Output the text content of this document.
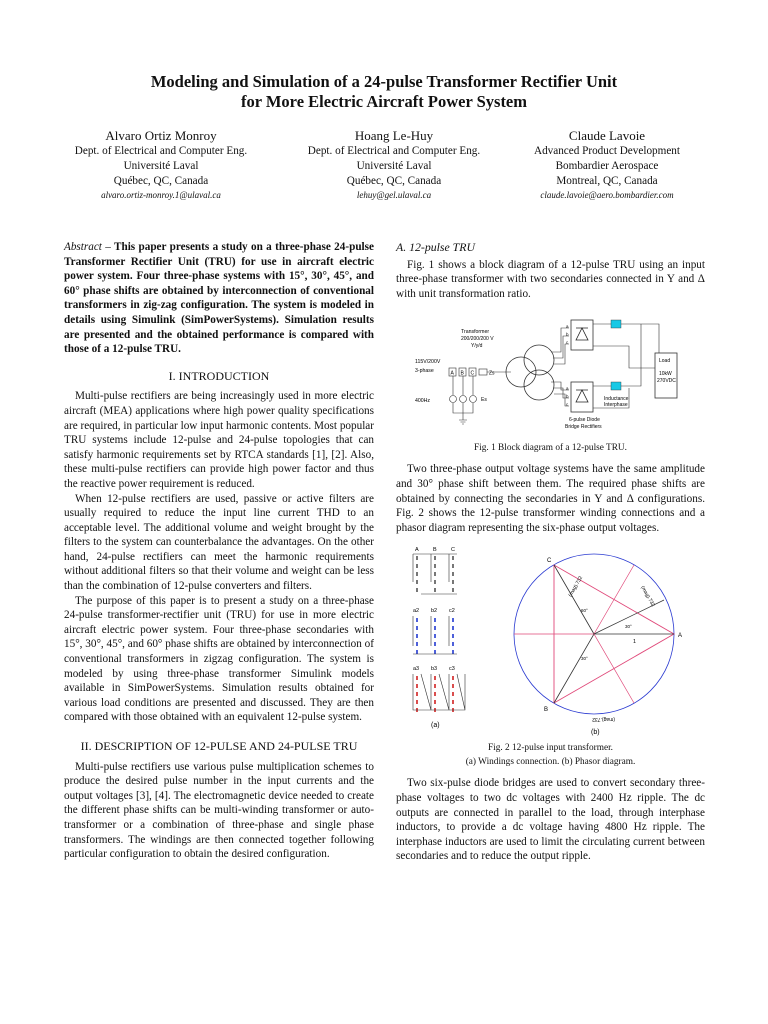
Modeling and Simulation of a 24-pulse Transformer Rectifier Unit
for More Electric Aircraft Power System
Alvaro Ortiz Monroy
Dept. of Electrical and Computer Eng.
Université Laval
Québec, QC, Canada
alvaro.ortiz-monroy.1@ulaval.ca
Hoang Le-Huy
Dept. of Electrical and Computer Eng.
Université Laval
Québec, QC, Canada
lehuy@gel.ulaval.ca
Claude Lavoie
Advanced Product Development
Bombardier Aerospace
Montreal, QC, Canada
claude.lavoie@aero.bombardier.com

Abstract – This paper presents a study on a three-phase 24-pulse Transformer Rectifier Unit (TRU) for use in aircraft electric power system. Four three-phase systems with 15°, 30°, 45°, and 60° phase shifts are obtained by interconnection of conventional transformers in zig-zag configuration. The system is modeled in details using Simulink (SimPowerSystems). Simulation results are presented and the obtained performance is compared with those of a 12-pulse TRU.

I. INTRODUCTION

Multi-pulse rectifiers are being increasingly used in more electric aircraft (MEA) applications where high power quality specifications are required, in particular low input harmonic contents. Most popular TRU systems include 12-pulse and 24-pulse topologies that can satisfy harmonic requirements set by RTCA standards [1], [2]. Also, these multi-pulse rectifiers can provide high power factor and thus the reactive power requirement is reduced.

When 12-pulse rectifiers are used, passive or active filters are usually required to reduce the input line current THD to an acceptable level. The additional volume and weight brought by the filters to the system can counterbalance the advantages. On the other hand, 24-pulse rectifiers can meet the harmonic requirements without additional filters so that their volume and weight can be less than the combination of 12-pulse converters and filters.

The purpose of this paper is to present a study on a three-phase 24-pulse transformer-rectifier unit (TRU) for use in more electric aircraft electric power system. Four three-phase secondaries with 15°, 30°, 45°, and 60° phase shifts are obtained by interconnection of conventional transformers in zigzag configuration. The system is modeled by using three-phase transformer Simulink models available in SimPowerSystems. Simulation results obtained for various load conditions are presented and discussed. They are then compared with those obtained with an equivalent 12-pulse system.

II. DESCRIPTION OF 12-PULSE AND 24-PULSE TRU

Multi-pulse rectifiers use various pulse multiplication schemes to produce the desired pulse number in the input currents and the output voltages [3], [4]. The electromagnetic device needed to create the different phase shifts can be multi-winding transformer or auto-transformer or a combination of three-phase and single phase transformers. The windings are then connected together following particular configuration to obtain the desired configuration.

A. 12-pulse TRU

Fig. 1 shows a block diagram of a 12-pulse TRU using an input three-phase transformer with two secondaries connected in Y and Δ with unit transformation ratio.

115V/200V
3-phase
400Hz
A B C	Zs
Es
Transformer
200/200/200 V
Y/y/d
a
b
c
a
b
c
6-pulse Diode
Bridge Rectifiers
Inductance
Interphase
Load
10kW
270VDC
Fig. 1 Block diagram of a 12-pulse TRU.

Two three-phase output voltage systems have the same amplitude and 30° phase shift between them. The required phase shifts are obtained by connecting the secondaries in Y and Δ configurations. Fig. 2 shows the 12-pulse transformer winding connections and a phasor diagram representing the six-phase output voltages.

A	B	C
a2 b2 c2
a3 b3 c3
(a)
A
B
C
1
(mag).732	(mag).732
(mag).732
60°
30°
30°
(b)
Fig. 2 12-pulse input transformer.
(a) Windings connection. (b) Phasor diagram.

Two six-pulse diode bridges are used to convert secondary three-phase voltages to two dc voltages with 2400 Hz ripple. The dc outputs are connected in parallel to the load, through interphase inductors, to provide a dc voltage having 4800 Hz ripple. The interphase inductors are used to limit the circulating current between secondaries and to reduce the output ripple.
